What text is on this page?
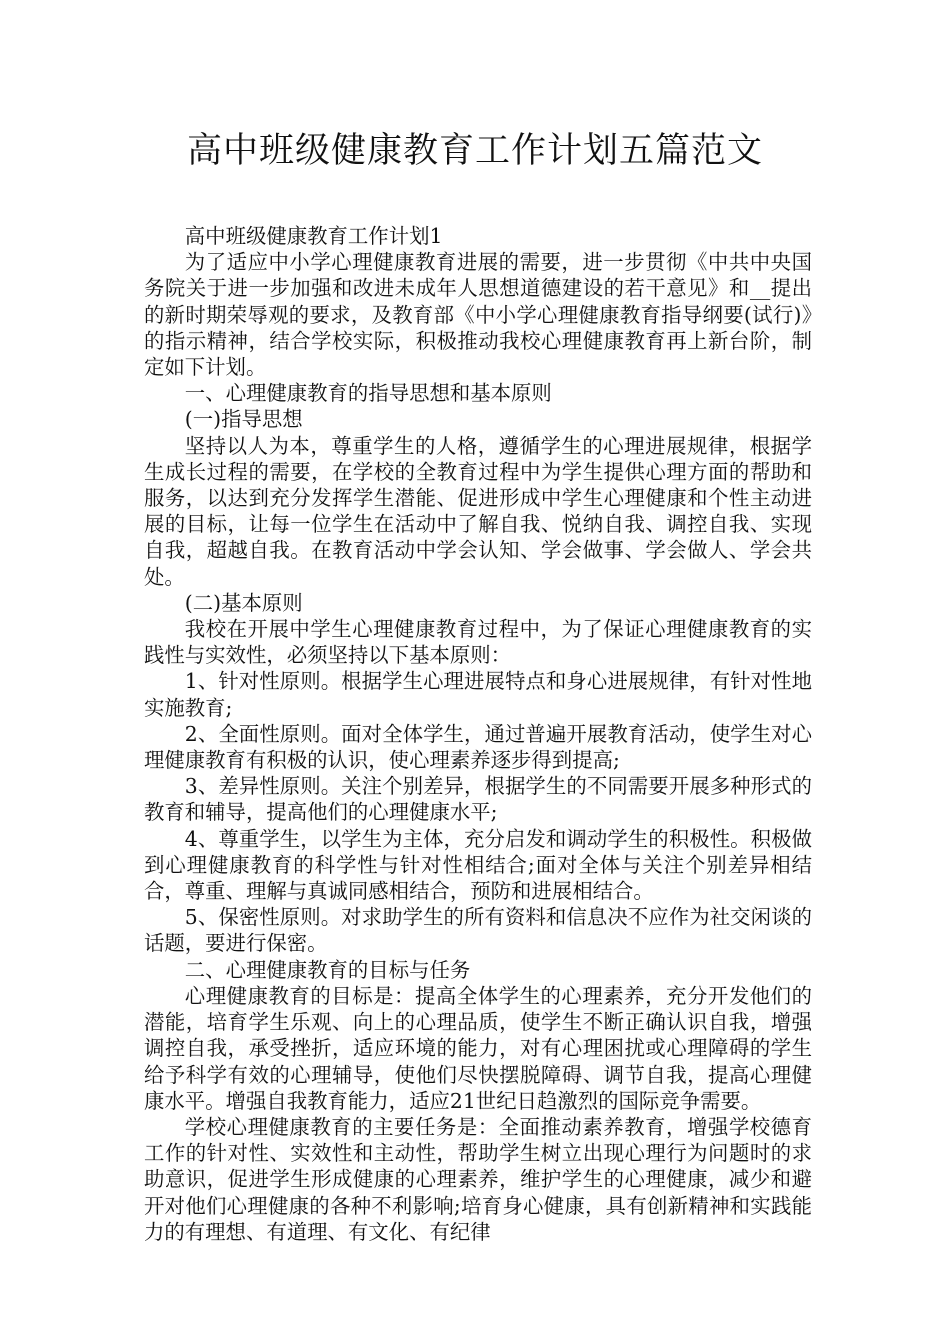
高中班级健康教育工作计划五篇范文

高中班级健康教育工作计划1

为了适应中小学心理健康教育进展的需要，进一步贯彻《中共中央国务院关于进一步加强和改进未成年人思想道德建设的若干意见》和__提出的新时期荣辱观的要求，及教育部《中小学心理健康教育指导纲要(试行)》的指示精神，结合学校实际，积极推动我校心理健康教育再上新台阶，制定如下计划。

一、心理健康教育的指导思想和基本原则

(一)指导思想

坚持以人为本，尊重学生的人格，遵循学生的心理进展规律，根据学生成长过程的需要，在学校的全教育过程中为学生提供心理方面的帮助和服务，以达到充分发挥学生潜能、促进形成中学生心理健康和个性主动进展的目标，让每一位学生在活动中了解自我、悦纳自我、调控自我、实现自我，超越自我。在教育活动中学会认知、学会做事、学会做人、学会共处。

(二)基本原则

我校在开展中学生心理健康教育过程中，为了保证心理健康教育的实践性与实效性，必须坚持以下基本原则：

1、针对性原则。根据学生心理进展特点和身心进展规律，有针对性地实施教育;

2、全面性原则。面对全体学生，通过普遍开展教育活动，使学生对心理健康教育有积极的认识，使心理素养逐步得到提高;

3、差异性原则。关注个别差异，根据学生的不同需要开展多种形式的教育和辅导，提高他们的心理健康水平;

4、尊重学生，以学生为主体，充分启发和调动学生的积极性。积极做到心理健康教育的科学性与针对性相结合;面对全体与关注个别差异相结合，尊重、理解与真诚同感相结合，预防和进展相结合。

5、保密性原则。对求助学生的所有资料和信息决不应作为社交闲谈的话题，要进行保密。

二、心理健康教育的目标与任务

心理健康教育的目标是：提高全体学生的心理素养，充分开发他们的潜能，培育学生乐观、向上的心理品质，使学生不断正确认识自我，增强调控自我，承受挫折，适应环境的能力，对有心理困扰或心理障碍的学生给予科学有效的心理辅导，使他们尽快摆脱障碍、调节自我，提高心理健康水平。增强自我教育能力，适应21世纪日趋激烈的国际竞争需要。

学校心理健康教育的主要任务是：全面推动素养教育，增强学校德育工作的针对性、实效性和主动性，帮助学生树立出现心理行为问题时的求助意识，促进学生形成健康的心理素养，维护学生的心理健康，减少和避开对他们心理健康的各种不利影响;培育身心健康，具有创新精神和实践能力的有理想、有道理、有文化、有纪律
